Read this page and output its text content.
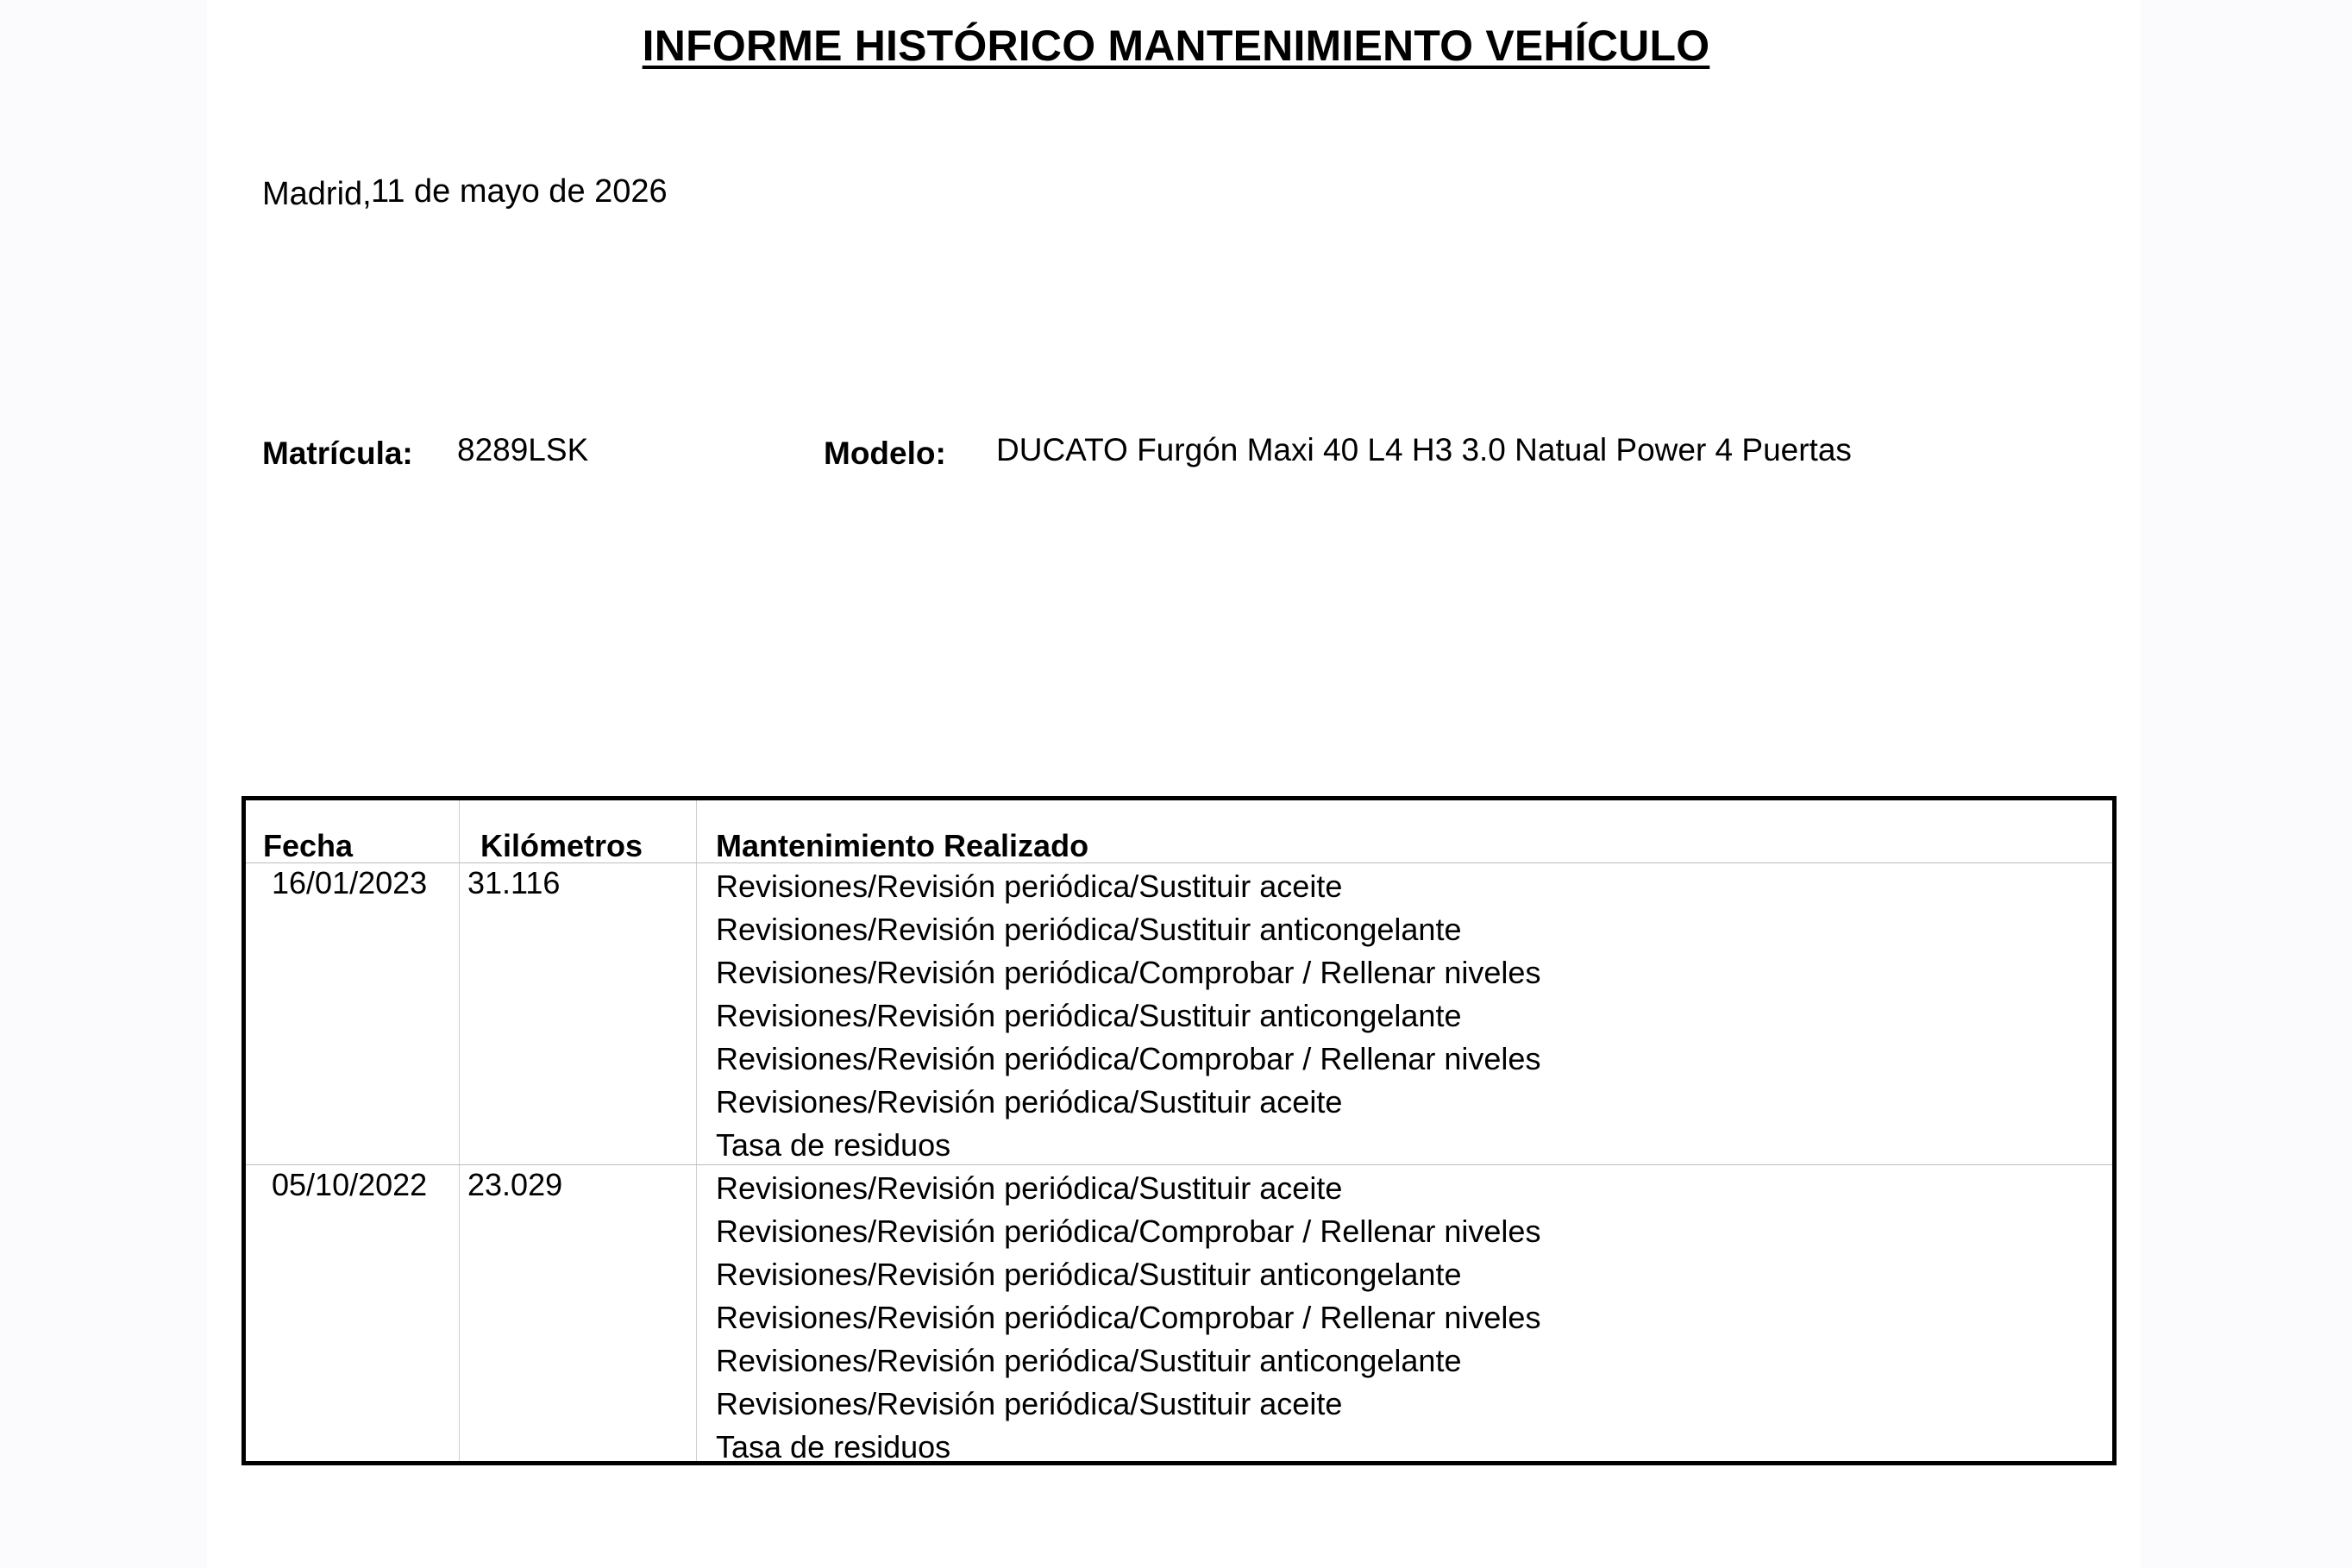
INFORME HISTÓRICO MANTENIMIENTO VEHÍCULO
Madrid, 11 de mayo de 2026
Matrícula: 8289LSK	Modelo: DUCATO Furgón Maxi 40 L4 H3 3.0 Natual Power 4 Puertas
Fecha	Kilómetros Mantenimiento Realizado
16/01/2023 31.116	Revisiones/Revisión periódica/Sustituir aceite
Revisiones/Revisión periódica/Sustituir anticongelante
Revisiones/Revisión periódica/Comprobar / Rellenar niveles
Revisiones/Revisión periódica/Sustituir anticongelante
Revisiones/Revisión periódica/Comprobar / Rellenar niveles
Revisiones/Revisión periódica/Sustituir aceite
Tasa de residuos
05/10/2022 23.029	Revisiones/Revisión periódica/Sustituir aceite
Revisiones/Revisión periódica/Comprobar / Rellenar niveles
Revisiones/Revisión periódica/Sustituir anticongelante
Revisiones/Revisión periódica/Comprobar / Rellenar niveles
Revisiones/Revisión periódica/Sustituir anticongelante
Revisiones/Revisión periódica/Sustituir aceite
Tasa de residuos
